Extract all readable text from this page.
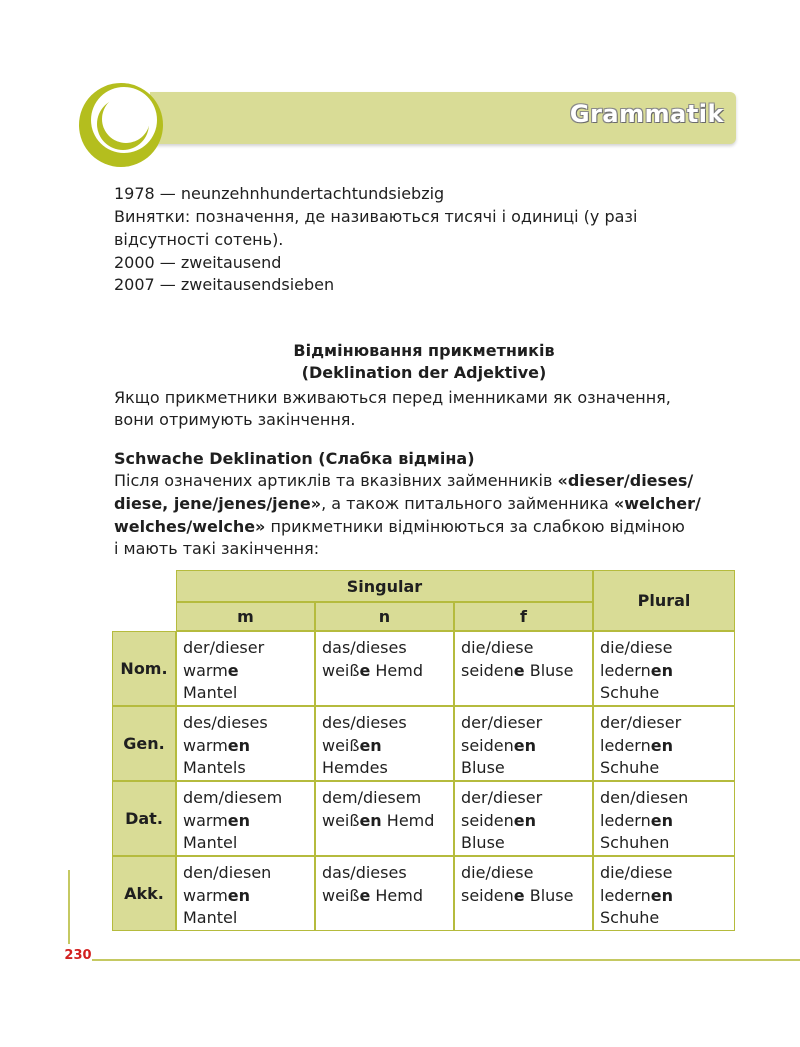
Grammatik
1978 — neunzehnhundertachtundsiebzig
Винятки: позначення, де називаються тисячі і одиниці (у разі
відсутності сотень).
2000 — zweitausend
2007 — zweitausendsieben
Відмінювання прикметників
(Deklination der Adjektive)
Якщо прикметники вживаються перед іменниками як означення,
вони отримують закінчення.
Schwache Deklination (Слабка відміна)
Після означених артиклів та вказівних займенників «dieser/dieses/
diese, jene/jenes/jene», а також питального займенника «welcher/
welches/welche» прикметники відмінюються за слабкою відміною
і мають такі закінчення:
Singular
Plural
m	n	f
Nom.
der/dieser
warme
Mantel
das/dieses
weiße Hemd
die/diese
seidene Bluse
die/diese
ledernen
Schuhe
Gen.
des/dieses
warmen
Mantels
des/dieses
weißen
Hemdes
der/dieser
seidenen
Bluse
der/dieser
ledernen
Schuhe
Dat.
dem/diesem
warmen
Mantel
dem/diesem
weißen Hemd
der/dieser
seidenen
Bluse
den/diesen
ledernen
Schuhen
Akk.
den/diesen
warmen
Mantel
das/dieses
weiße Hemd
die/diese
seidene Bluse
die/diese
ledernen
Schuhe
230
